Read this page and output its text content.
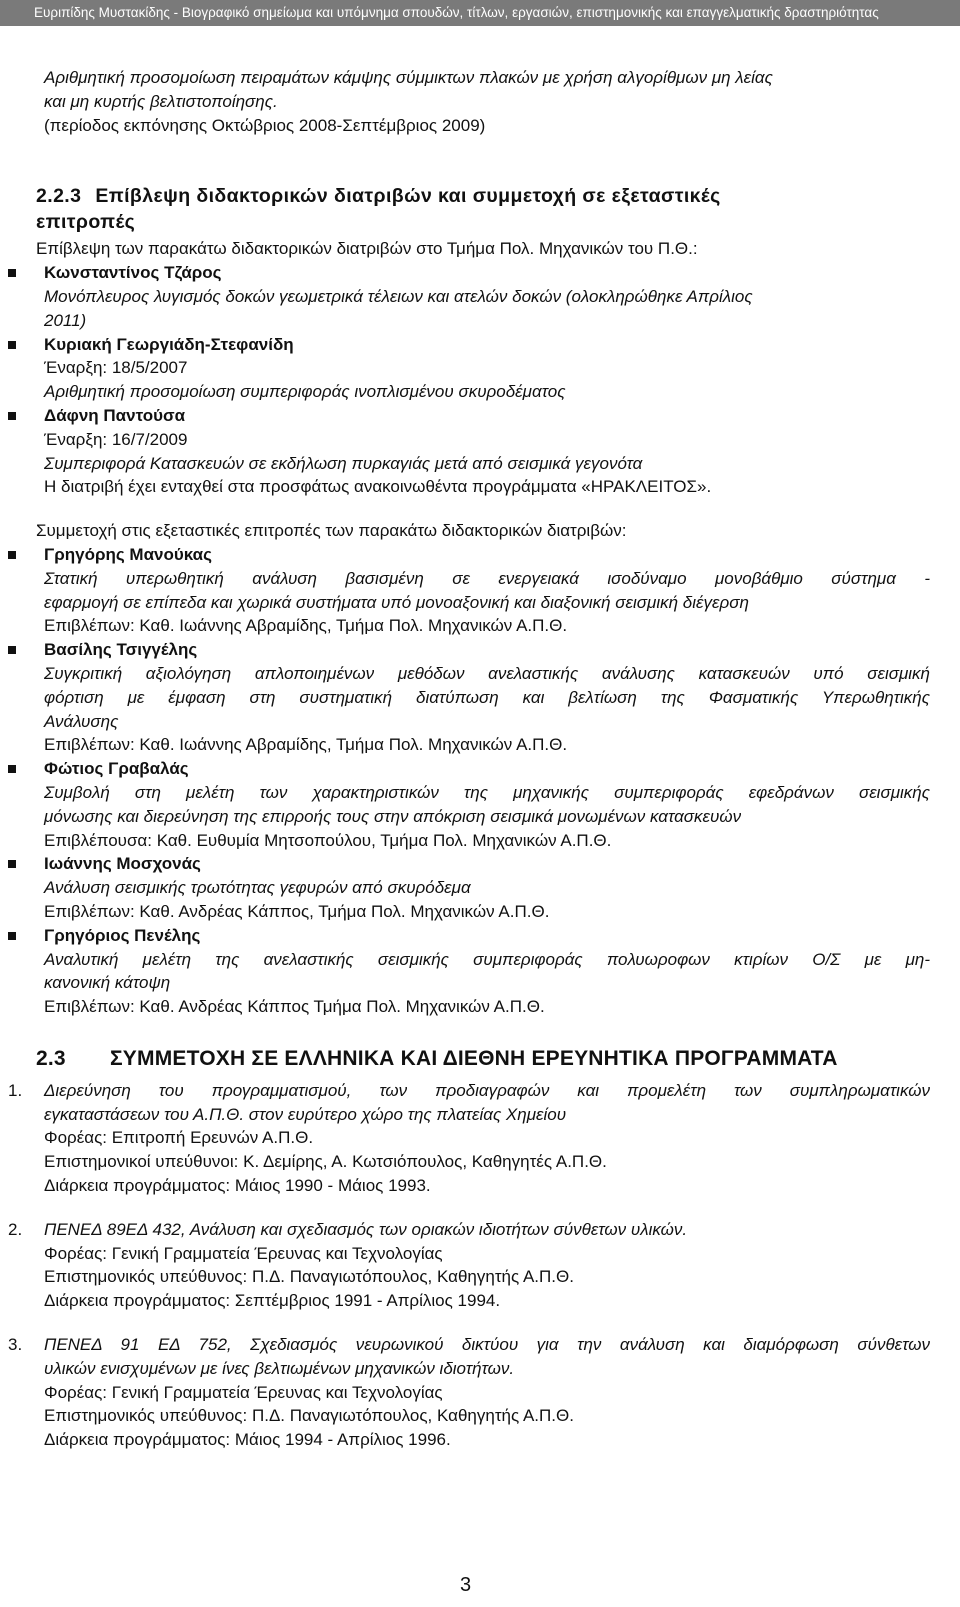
Ευριπίδης Μυστακίδης - Βιογραφικό σημείωμα και υπόμνημα σπουδών, τίτλων, εργασιών, επιστημονικής και επαγγελματικής δραστηριότητας
Αριθμητική προσομοίωση πειραμάτων κάμψης σύμμικτων πλακών με χρήση αλγορίθμων μη λείας
και μη κυρτής βελτιστοποίησης.
(περίοδος εκπόνησης Οκτώβριος 2008-Σεπτέμβριος 2009)
2.2.3 Επίβλεψη διδακτορικών διατριβών και συμμετοχή σε εξεταστικές
επιτροπές
Επίβλεψη των παρακάτω διδακτορικών διατριβών στο Τμήμα Πολ. Μηχανικών του Π.Θ.:
Κωνσταντίνος Τζάρος
Μονόπλευρος λυγισμός δοκών γεωμετρικά τέλειων και ατελών δοκών (ολοκληρώθηκε Απρίλιος
2011)
Κυριακή Γεωργιάδη-Στεφανίδη
Έναρξη: 18/5/2007
Αριθμητική προσομοίωση συμπεριφοράς ινοπλισμένου σκυροδέματος
Δάφνη Παντούσα
Έναρξη: 16/7/2009
Συμπεριφορά Κατασκευών σε εκδήλωση πυρκαγιάς μετά από σεισμικά γεγονότα
Η διατριβή έχει ενταχθεί στα προσφάτως ανακοινωθέντα προγράμματα «ΗΡΑΚΛΕΙΤΟΣ».
Συμμετοχή στις εξεταστικές επιτροπές των παρακάτω διδακτορικών διατριβών:
Γρηγόρης Μανούκας
Στατική υπερωθητική ανάλυση βασισμένη σε ενεργειακά ισοδύναμο μονοβάθμιο σύστημα -
εφαρμογή σε επίπεδα και χωρικά συστήματα υπό μονοαξονική και διαξονική σεισμική διέγερση
Επιβλέπων: Καθ. Ιωάννης Αβραμίδης, Τμήμα Πολ. Μηχανικών Α.Π.Θ.
Βασίλης Τσιγγέλης
Συγκριτική αξιολόγηση απλοποιημένων μεθόδων ανελαστικής ανάλυσης κατασκευών υπό σεισμική
φόρτιση με έμφαση στη συστηματική διατύπωση και βελτίωση της Φασματικής Υπερωθητικής
Ανάλυσης
Επιβλέπων: Καθ. Ιωάννης Αβραμίδης, Τμήμα Πολ. Μηχανικών Α.Π.Θ.
Φώτιος Γραβαλάς
Συμβολή στη μελέτη των χαρακτηριστικών της μηχανικής συμπεριφοράς εφεδράνων σεισμικής
μόνωσης και διερεύνηση της επιρροής τους στην απόκριση σεισμικά μονωμένων κατασκευών
Επιβλέπουσα: Καθ. Ευθυμία Μητσοπούλου, Τμήμα Πολ. Μηχανικών Α.Π.Θ.
Ιωάννης Μοσχονάς
Ανάλυση σεισμικής τρωτότητας γεφυρών από σκυρόδεμα
Επιβλέπων: Καθ. Ανδρέας Κάππος, Τμήμα Πολ. Μηχανικών Α.Π.Θ.
Γρηγόριος Πενέλης
Αναλυτική μελέτη της ανελαστικής σεισμικής συμπεριφοράς πολυωροφων κτιρίων Ο/Σ με μη-
κανονική κάτοψη
Επιβλέπων: Καθ. Ανδρέας Κάππος Τμήμα Πολ. Μηχανικών Α.Π.Θ.
2.3 ΣΥΜΜΕΤΟΧΗ ΣΕ ΕΛΛΗΝΙΚΑ ΚΑΙ ΔΙΕΘΝΗ ΕΡΕΥΝΗΤΙΚΑ ΠΡΟΓΡΑΜΜΑΤΑ
1. Διερεύνηση του προγραμματισμού, των προδιαγραφών και προμελέτη των συμπληρωματικών
εγκαταστάσεων του Α.Π.Θ. στον ευρύτερο χώρο της πλατείας Χημείου
Φορέας: Επιτροπή Ερευνών Α.Π.Θ.
Επιστημονικοί υπεύθυνοι: Κ. Δεμίρης, Α. Κωτσιόπουλος, Καθηγητές Α.Π.Θ.
Διάρκεια προγράμματος: Μάιος 1990 - Μάιος 1993.
2. ΠΕΝΕΔ 89ΕΔ 432, Ανάλυση και σχεδιασμός των οριακών ιδιοτήτων σύνθετων υλικών.
Φορέας: Γενική Γραμματεία Έρευνας και Τεχνολογίας
Επιστημονικός υπεύθυνος: Π.Δ. Παναγιωτόπουλος, Καθηγητής Α.Π.Θ.
Διάρκεια προγράμματος: Σεπτέμβριος 1991 - Απρίλιος 1994.
3. ΠΕΝΕΔ 91 ΕΔ 752, Σχεδιασμός νευρωνικού δικτύου για την ανάλυση και διαμόρφωση σύνθετων
υλικών ενισχυμένων με ίνες βελτιωμένων μηχανικών ιδιοτήτων.
Φορέας: Γενική Γραμματεία Έρευνας και Τεχνολογίας
Επιστημονικός υπεύθυνος: Π.Δ. Παναγιωτόπουλος, Καθηγητής Α.Π.Θ.
Διάρκεια προγράμματος: Μάιος 1994 - Απρίλιος 1996.
3
